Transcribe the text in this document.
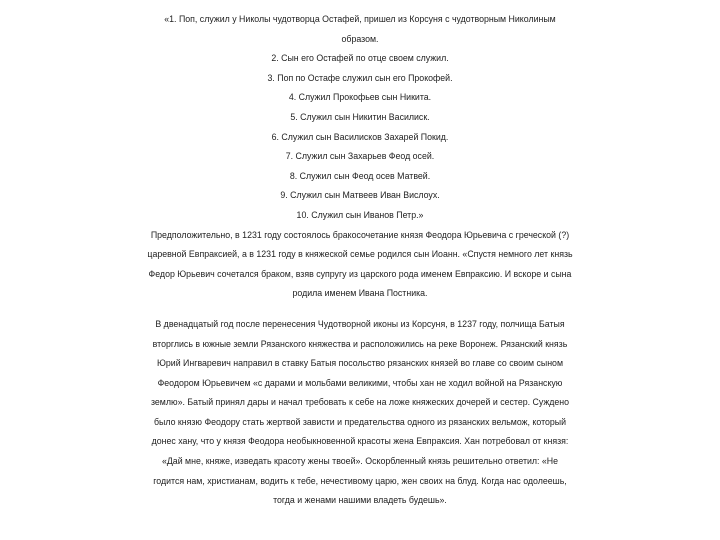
«1. Поп, служил у Николы чудотворца Остафей, пришел из Корсуня с чудотворным Николиным
образом.
2. Сын его Остафей по отце своем служил.
3. Поп по Остафе служил сын его Прокофей.
4. Служил Прокофьев сын Никита.
5. Служил сын Никитин Василиск.
6. Служил сын Василисков Захарей Покид.
7. Служил сын Захарьев Феод осей.
8. Служил сын Феод осев Матвей.
9. Служил сын Матвеев Иван Вислоух.
10. Служил сын Иванов Петр.»
Предположительно, в 1231 году состоялось бракосочетание князя Феодора Юрьевича с греческой (?)
царевной Евпраксией, а в 1231 году в княжеской семье родился сын Иоанн. «Спустя немного лет князь
Федор Юрьевич сочетался браком, взяв супругу из царского рода именем Евпраксию. И вскоре и сына
родила именем Ивана Постника.
В двенадцатый год после перенесения Чудотворной иконы из Корсуня, в 1237 году, полчища Батыя
вторглись в южные земли Рязанского княжества и расположились на реке Воронеж. Рязанский князь
Юрий Ингваревич направил в ставку Батыя посольство рязанских князей во главе со своим сыном
Феодором Юрьевичем «с дарами и мольбами великими, чтобы хан не ходил войной на Рязанскую
землю». Батый принял дары и начал требовать к себе на ложе княжеских дочерей и сестер. Суждено
было князю Феодору стать жертвой зависти и предательства одного из рязанских вельмож, который
донес хану, что у князя Феодора необыкновенной красоты жена Евпраксия. Хан потребовал от князя:
«Дай мне, княже, изведать красоту жены твоей». Оскорбленный князь решительно ответил: «Не
годится нам, христианам, водить к тебе, нечестивому царю, жен своих на блуд. Когда нас одолеешь,
тогда и женами нашими владеть будешь».
